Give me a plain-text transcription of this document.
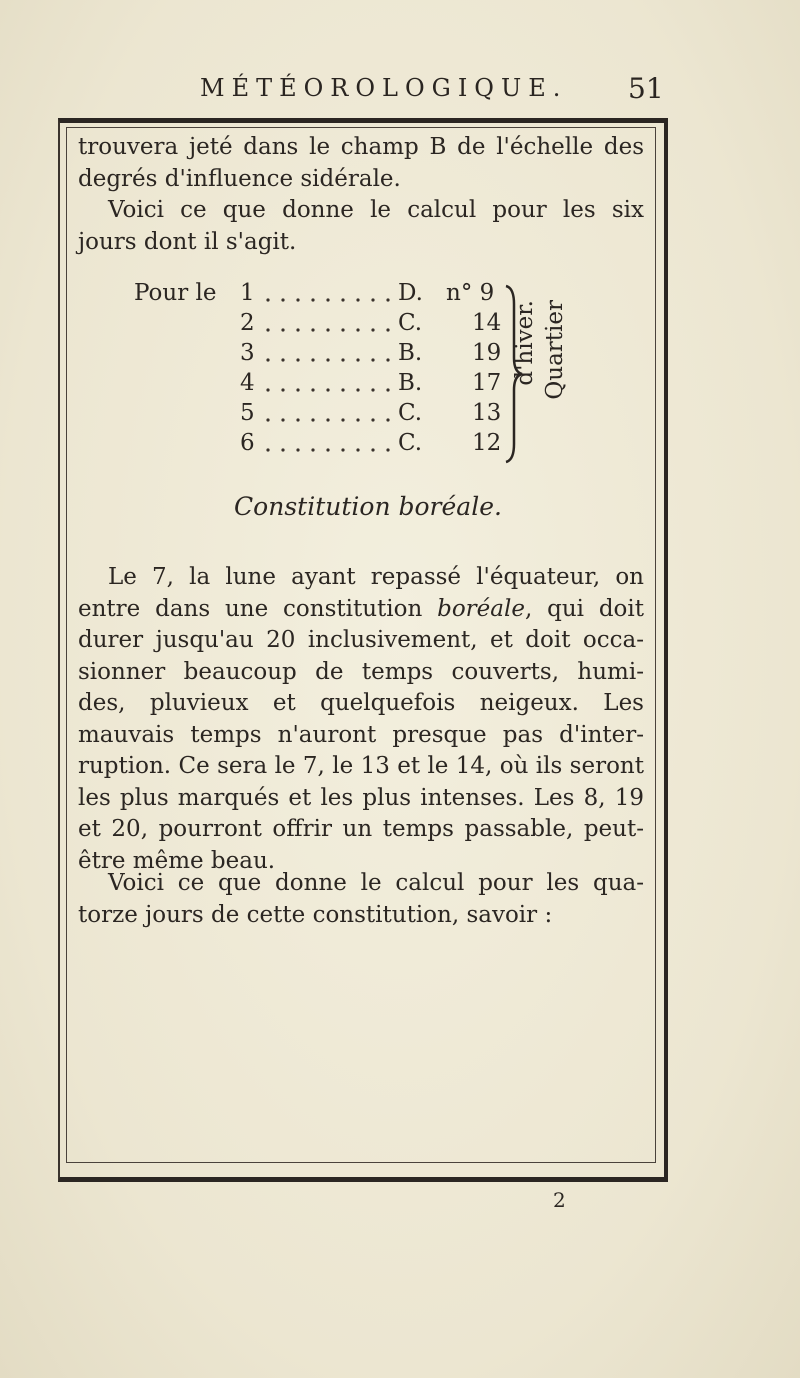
MÉTÉOROLOGIQUE. 51
trouvera jeté dans le champ B de l'échelle des
degrés d'influence sidérale.
Voici ce que donne le calcul pour les six
jours dont il s'agit.
Pour le 1	D. n° 9
2	C. 14
3	B. 19
4	B. 17
5	C. 13
6	C. 12
Quartier
d'hiver.
Constitution boréale.
Le 7, la lune ayant repassé l'équateur, on
entre dans une constitution boréale, qui doit
durer jusqu'au 20 inclusivement, et doit occa-
sionner beaucoup de temps couverts, humi-
des, pluvieux et quelquefois neigeux. Les
mauvais temps n'auront presque pas d'inter-
ruption. Ce sera le 7, le 13 et le 14, où ils seront
les plus marqués et les plus intenses. Les 8, 19
et 20, pourront offrir un temps passable, peut-
être même beau.
Voici ce que donne le calcul pour les qua-
torze jours de cette constitution, savoir :
2
